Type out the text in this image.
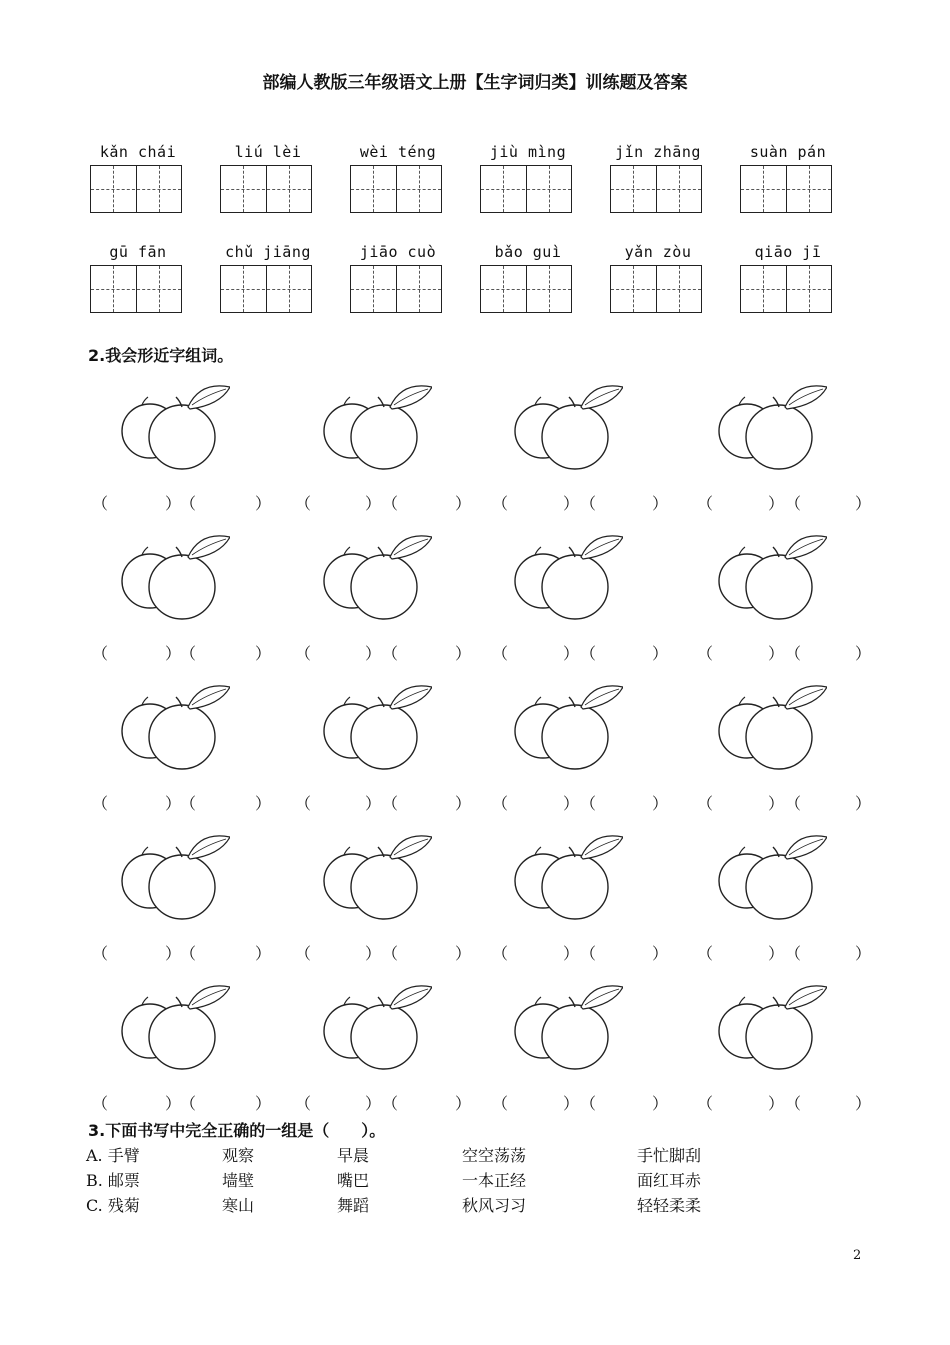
部编人教版三年级语文上册【生字词归类】训练题及答案
kǎn chái	liú lèi	wèi téng	jiù mìng	jǐn zhāng	suàn pán
gū fān	chǔ jiāng	jiāo cuò	bǎo guì	yǎn zòu	qiāo jī
2.我会形近字组词。
（	）
（	） （	） （	） （	） （	） （	） （	）
（	）
（	） （	） （	） （	） （	） （	） （	）
（	）
（	） （	） （	） （	） （	） （	） （	）
（	）
（	） （	） （	） （	） （	） （	） （	）
（	）
（	） （	） （	） （	） （	） （	） （	）
3.下面书写中完全正确的一组是（　　）。
A. 手臂	观察	早晨	空空荡荡	手忙脚刮
B. 邮票	墙壁	嘴巴	一本正经	面红耳赤
C. 残菊	寒山	舞蹈	秋风习习	轻轻柔柔
2
